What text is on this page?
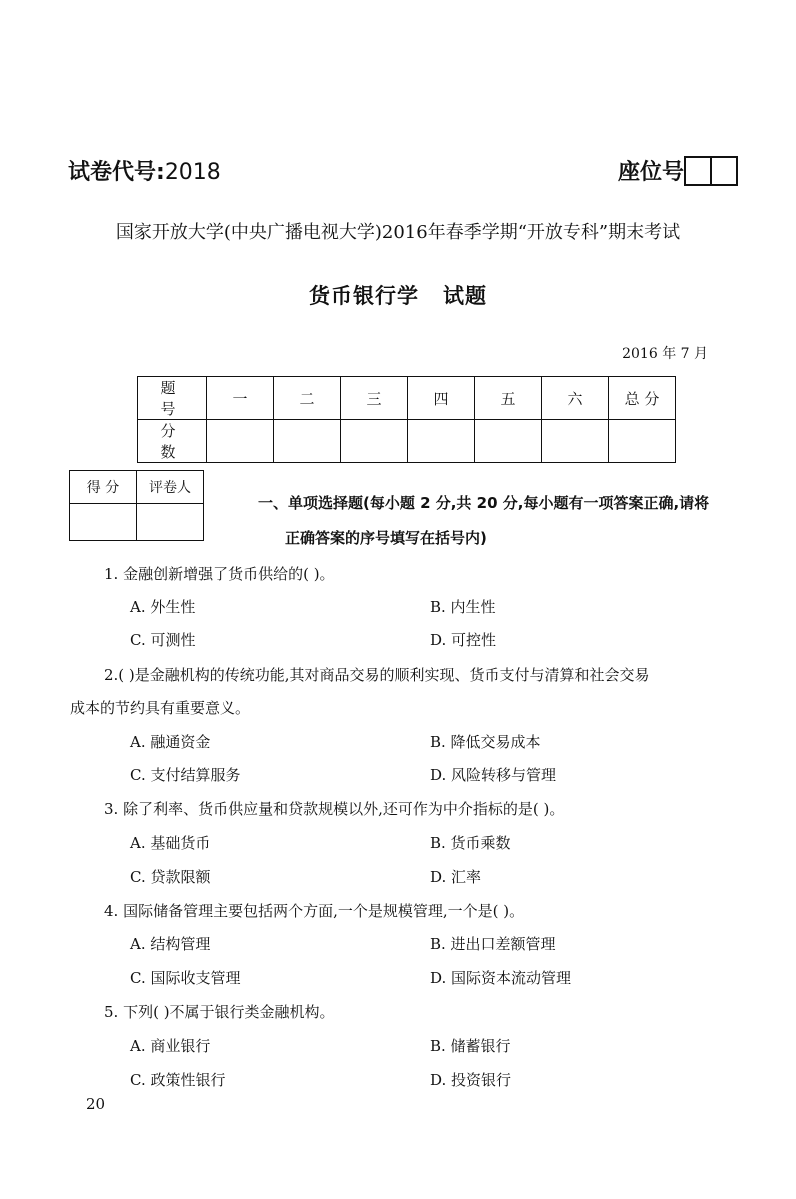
试卷代号:2018	座位号
国家开放大学(中央广播电视大学)2016年春季学期“开放专科”期末考试
货币银行学 试题
2016 年 7 月
题 号	一	二	三	四	五	六	总 分
分 数							
得 分	评卷人

一、单项选择题(每小题 2 分,共 20 分,每小题有一项答案正确,请将
正确答案的序号填写在括号内)
1. 金融创新增强了货币供给的( )。
A. 外生性	B. 内生性
C. 可测性	D. 可控性
2.( )是金融机构的传统功能,其对商品交易的顺利实现、货币支付与清算和社会交易
成本的节约具有重要意义。
A. 融通资金	B. 降低交易成本
C. 支付结算服务	D. 风险转移与管理
3. 除了利率、货币供应量和贷款规模以外,还可作为中介指标的是( )。
A. 基础货币	B. 货币乘数
C. 贷款限额	D. 汇率
4. 国际储备管理主要包括两个方面,一个是规模管理,一个是( )。
A. 结构管理	B. 进出口差额管理
C. 国际收支管理	D. 国际资本流动管理
5. 下列( )不属于银行类金融机构。
A. 商业银行	B. 储蓄银行
C. 政策性银行	D. 投资银行
20
